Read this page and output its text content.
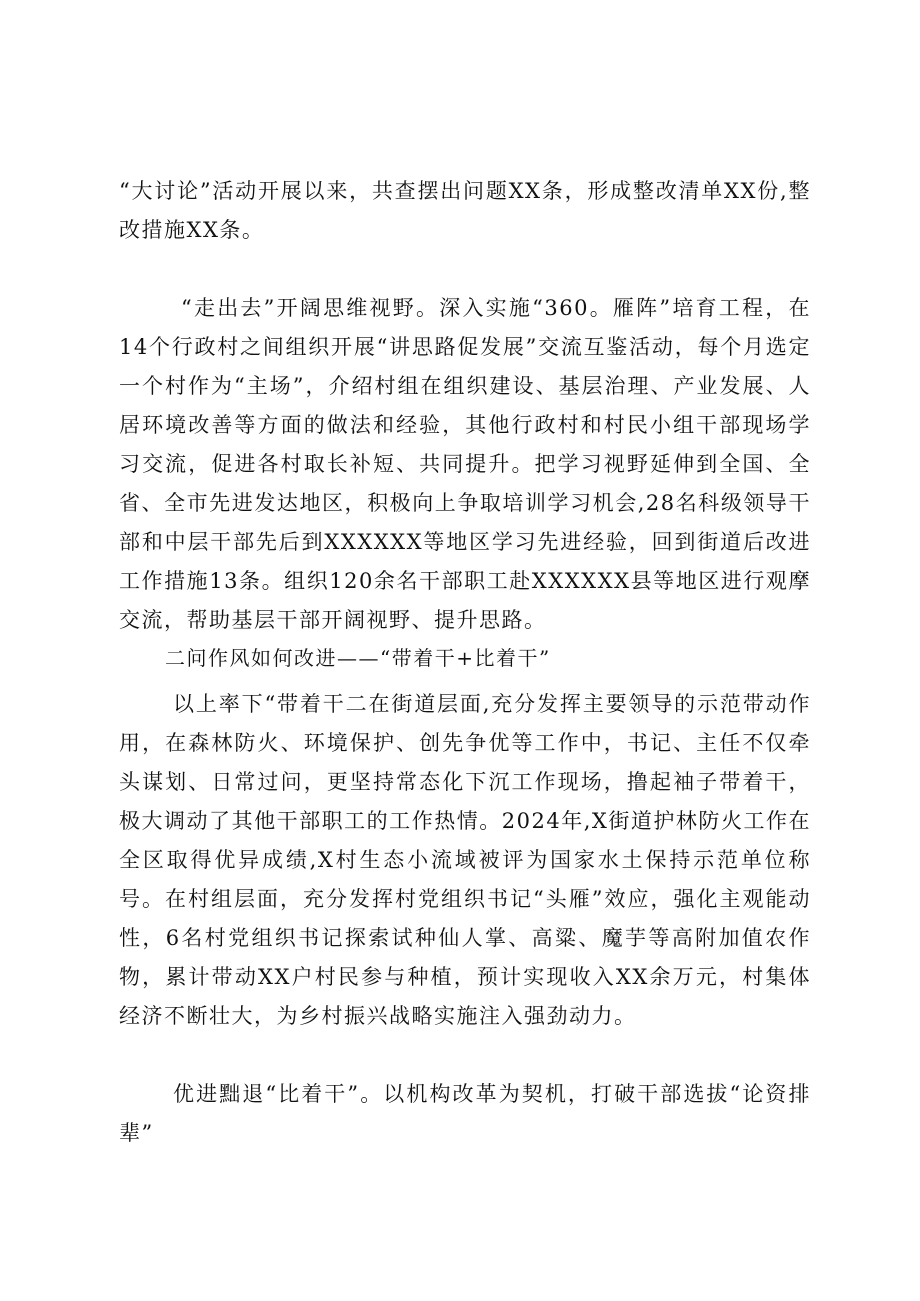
“大讨论”活动开展以来，共查摆出问题XX条，形成整改清单XX份,整改措施XX条。

“走出去”开阔思维视野。深入实施“360。雁阵”培育工程，在14个行政村之间组织开展“讲思路促发展”交流互鉴活动，每个月选定一个村作为“主场”，介绍村组在组织建设、基层治理、产业发展、人居环境改善等方面的做法和经验，其他行政村和村民小组干部现场学习交流，促进各村取长补短、共同提升。把学习视野延伸到全国、全省、全市先进发达地区，积极向上争取培训学习机会,28名科级领导干部和中层干部先后到XXXXXX等地区学习先进经验，回到街道后改进工作措施13条。组织120余名干部职工赴XXXXXX县等地区进行观摩交流，帮助基层干部开阔视野、提升思路。

二问作风如何改进——“带着干+比着干”

以上率下“带着干二在街道层面,充分发挥主要领导的示范带动作用，在森林防火、环境保护、创先争优等工作中，书记、主任不仅牵头谋划、日常过问，更坚持常态化下沉工作现场，撸起袖子带着干，极大调动了其他干部职工的工作热情。2024年,X街道护林防火工作在全区取得优异成绩,X村生态小流域被评为国家水土保持示范单位称号。在村组层面，充分发挥村党组织书记“头雁”效应，强化主观能动性，6名村党组织书记探索试种仙人掌、高粱、魔芋等高附加值农作物，累计带动XX户村民参与种植，预计实现收入XX余万元，村集体经济不断壮大，为乡村振兴战略实施注入强劲动力。

优进黜退“比着干”。以机构改革为契机，打破干部选拔“论资排辈”
